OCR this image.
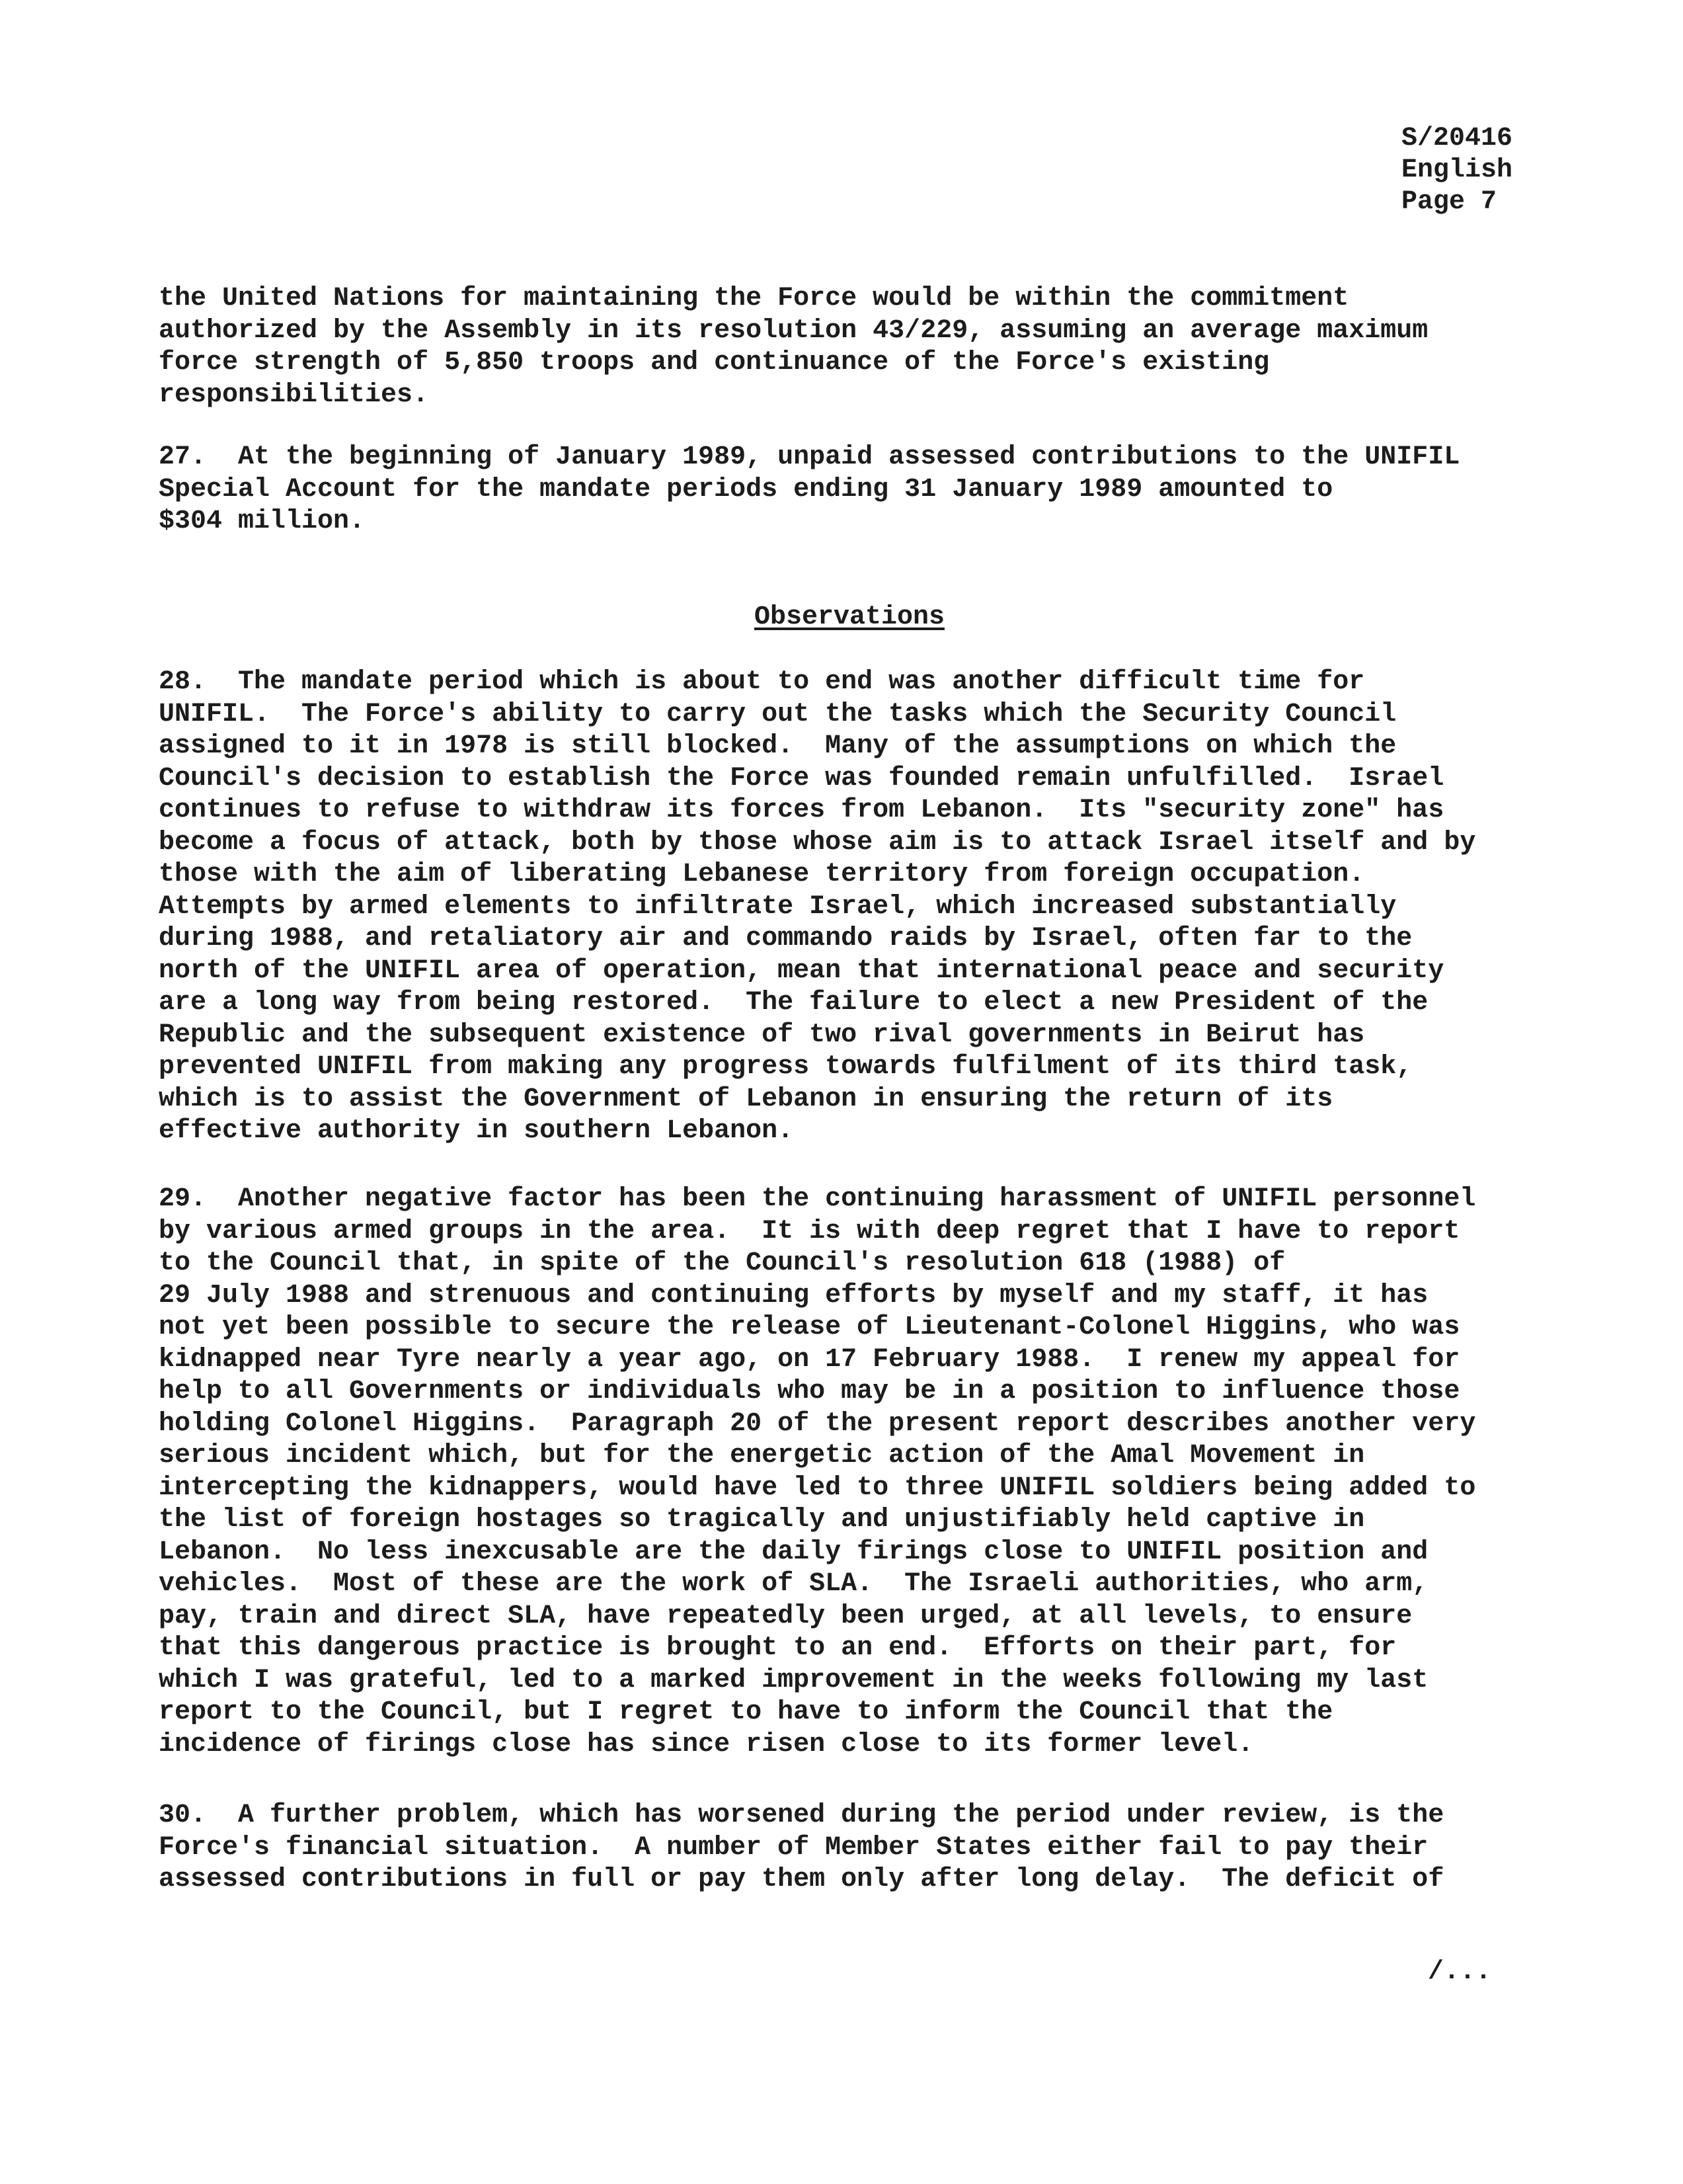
S/20416
English
Page 7
the United Nations for maintaining the Force would be within the commitment
authorized by the Assembly in its resolution 43/229, assuming an average maximum
force strength of 5,850 troops and continuance of the Force's existing
responsibilities.
27.  At the beginning of January 1989, unpaid assessed contributions to the UNIFIL
Special Account for the mandate periods ending 31 January 1989 amounted to
$304 million.
Observations
28.  The mandate period which is about to end was another difficult time for
UNIFIL.  The Force's ability to carry out the tasks which the Security Council
assigned to it in 1978 is still blocked.  Many of the assumptions on which the
Council's decision to establish the Force was founded remain unfulfilled.  Israel
continues to refuse to withdraw its forces from Lebanon.  Its "security zone" has
become a focus of attack, both by those whose aim is to attack Israel itself and by
those with the aim of liberating Lebanese territory from foreign occupation.
Attempts by armed elements to infiltrate Israel, which increased substantially
during 1988, and retaliatory air and commando raids by Israel, often far to the
north of the UNIFIL area of operation, mean that international peace and security
are a long way from being restored.  The failure to elect a new President of the
Republic and the subsequent existence of two rival governments in Beirut has
prevented UNIFIL from making any progress towards fulfilment of its third task,
which is to assist the Government of Lebanon in ensuring the return of its
effective authority in southern Lebanon.
29.  Another negative factor has been the continuing harassment of UNIFIL personnel
by various armed groups in the area.  It is with deep regret that I have to report
to the Council that, in spite of the Council's resolution 618 (1988) of
29 July 1988 and strenuous and continuing efforts by myself and my staff, it has
not yet been possible to secure the release of Lieutenant-Colonel Higgins, who was
kidnapped near Tyre nearly a year ago, on 17 February 1988.  I renew my appeal for
help to all Governments or individuals who may be in a position to influence those
holding Colonel Higgins.  Paragraph 20 of the present report describes another very
serious incident which, but for the energetic action of the Amal Movement in
intercepting the kidnappers, would have led to three UNIFIL soldiers being added to
the list of foreign hostages so tragically and unjustifiably held captive in
Lebanon.  No less inexcusable are the daily firings close to UNIFIL position and
vehicles.  Most of these are the work of SLA.  The Israeli authorities, who arm,
pay, train and direct SLA, have repeatedly been urged, at all levels, to ensure
that this dangerous practice is brought to an end.  Efforts on their part, for
which I was grateful, led to a marked improvement in the weeks following my last
report to the Council, but I regret to have to inform the Council that the
incidence of firings close has since risen close to its former level.
30.  A further problem, which has worsened during the period under review, is the
Force's financial situation.  A number of Member States either fail to pay their
assessed contributions in full or pay them only after long delay.  The deficit of
/...
